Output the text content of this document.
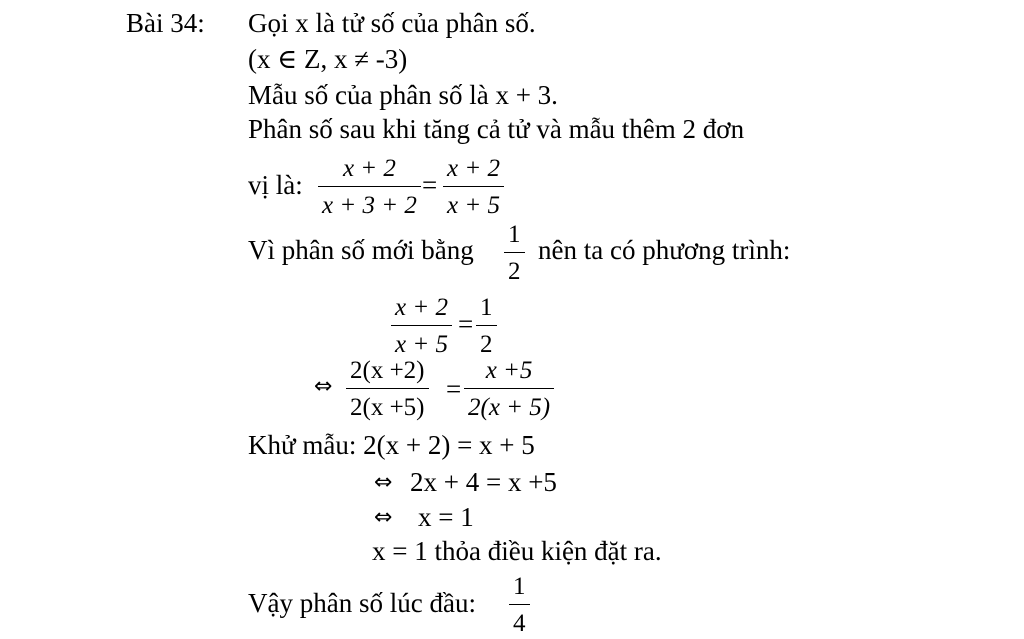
Bài 34: Gọi x là tử số của phân số.
(x ∈ Z, x ≠ -3)
Mẫu số của phân số là x + 3.
Phân số sau khi tăng cả tử và mẫu thêm 2 đơn
vị là:
x + 2
x + 3 + 2
=
x + 2
x + 5
Vì phân số mới bằng
1
2
nên ta có phương trình:
x + 2
x + 5
=
1
2
⇔
2(x +2)
2(x +5)
=
x +5
2(x + 5)
Khử mẫu: 2(x + 2) = x + 5
⇔ 2x + 4 = x +5
⇔ x = 1
x = 1 thỏa điều kiện đặt ra.
Vậy phân số lúc đầu:
1
4
